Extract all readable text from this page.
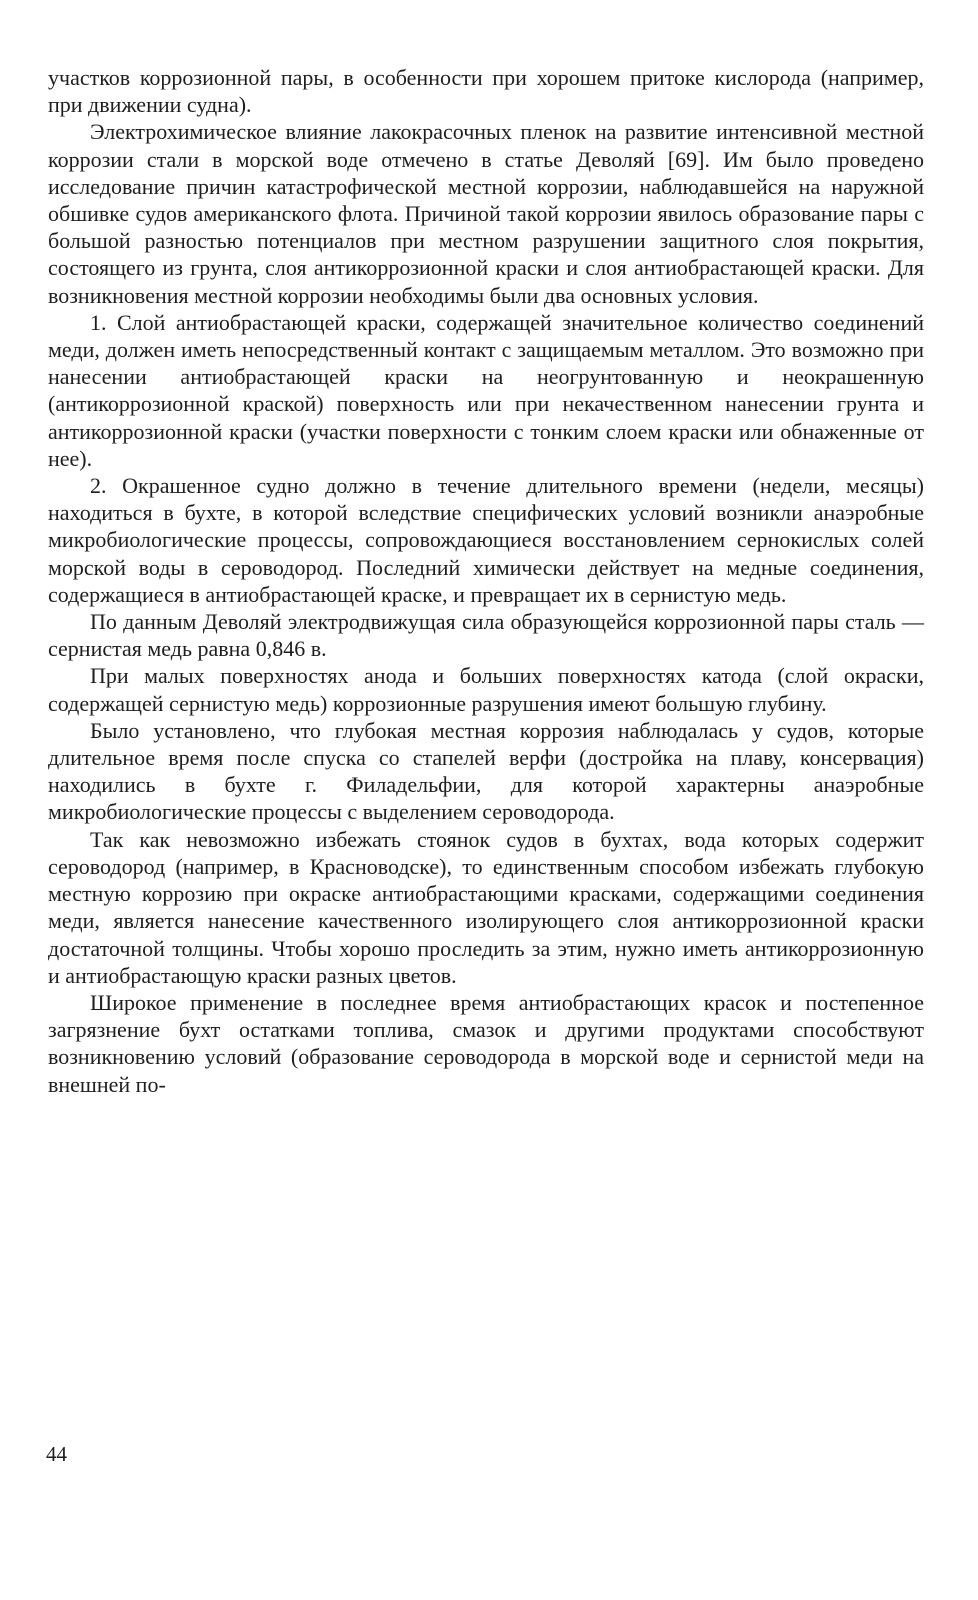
участков коррозионной пары, в особенности при хорошем притоке кислорода (например, при движении судна).

Электрохимическое влияние лакокрасочных пленок на развитие интенсивной местной коррозии стали в морской воде отмечено в статье Деволяй [69]. Им было проведено исследование причин катастрофической местной коррозии, наблюдавшейся на наружной обшивке судов американского флота. Причиной такой коррозии явилось образование пары с большой разностью потенциалов при местном разрушении защитного слоя покрытия, состоящего из грунта, слоя антикоррозионной краски и слоя антиобрастающей краски. Для возникновения местной коррозии необходимы были два основных условия.

1. Слой антиобрастающей краски, содержащей значительное количество соединений меди, должен иметь непосредственный контакт с защищаемым металлом. Это возможно при нанесении антиобрастающей краски на неогрунтованную и неокрашенную (антикоррозионной краской) поверхность или при некачественном нанесении грунта и антикоррозионной краски (участки поверхности с тонким слоем краски или обнаженные от нее).

2. Окрашенное судно должно в течение длительного времени (недели, месяцы) находиться в бухте, в которой вследствие специфических условий возникли анаэробные микробиологические процессы, сопровождающиеся восстановлением сернокислых солей морской воды в сероводород. Последний химически действует на медные соединения, содержащиеся в антиобрастающей краске, и превращает их в сернистую медь.

По данным Деволяй электродвижущая сила образующейся коррозионной пары сталь — сернистая медь равна 0,846 в.

При малых поверхностях анода и больших поверхностях катода (слой окраски, содержащей сернистую медь) коррозионные разрушения имеют большую глубину.

Было установлено, что глубокая местная коррозия наблюдалась у судов, которые длительное время после спуска со стапелей верфи (достройка на плаву, консервация) находились в бухте г. Филадельфии, для которой характерны анаэробные микробиологические процессы с выделением сероводорода.

Так как невозможно избежать стоянок судов в бухтах, вода которых содержит сероводород (например, в Красноводске), то единственным способом избежать глубокую местную коррозию при окраске антиобрастающими красками, содержащими соединения меди, является нанесение качественного изолирующего слоя антикоррозионной краски достаточной толщины. Чтобы хорошо проследить за этим, нужно иметь антикоррозионную и антиобрастающую краски разных цветов.

Широкое применение в последнее время антиобрастающих красок и постепенное загрязнение бухт остатками топлива, смазок и другими продуктами способствуют возникновению условий (образование сероводорода в морской воде и сернистой меди на внешней по-

44
